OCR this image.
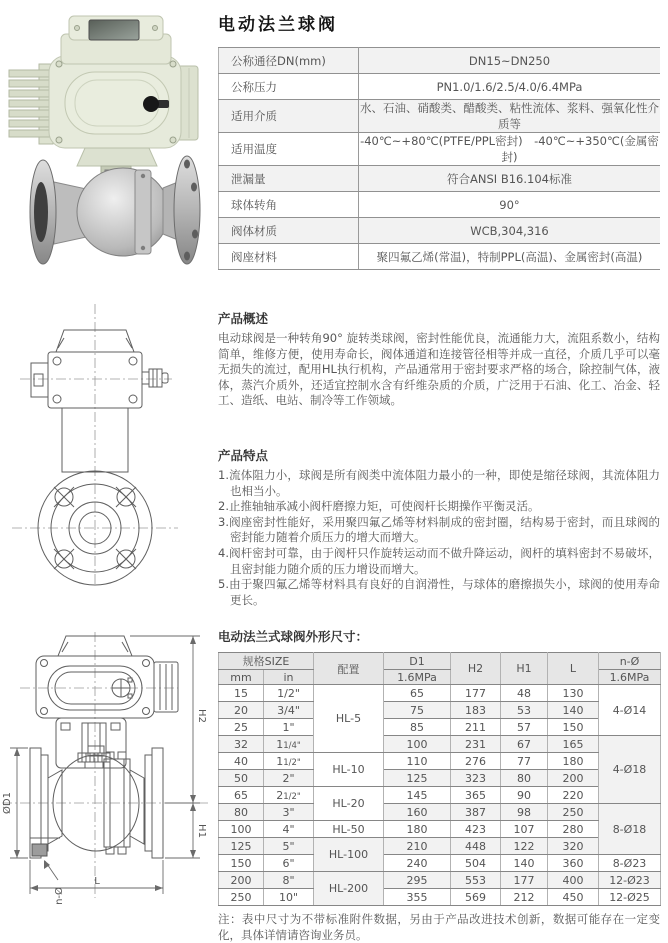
H2
H1
ØD1
n-Ø
L
电动法兰球阀
公称通径DN(mm)	DN15~DN250
公称压力	PN1.0/1.6/2.5/4.0/6.4MPa
适用介质	水、石油、硝酸类、醋酸类、粘性流体、浆料、强氧化性介质等
适用温度	-40℃~+80℃(PTFE/PPL密封)　-40℃~+350℃(金属密封)
泄漏量	符合ANSI B16.104标准
球体转角	90°
阀体材质	WCB,304,316
阀座材料	聚四氟乙烯(常温)，特制PPL(高温)、金属密封(高温)
产品概述

电动球阀是一种转角90° 旋转类球阀，密封性能优良，流通能力大，流阻系数小，结构简单，维修方便，使用寿命长，阀体通道和连接管径相等并成一直径，介质几乎可以毫无损失的流过，配用HL执行机构，产品通常用于密封要求严格的场合，除控制气体，液体，蒸汽介质外，还适宜控制水含有纤维杂质的介质，广泛用于石油、化工、冶金、轻工、造纸、电站、制冷等工作领域。

产品特点
1.流体阻力小，球阀是所有阀类中流体阻力最小的一种，即使是缩径球阀，其流体阻力也相当小。
2.止推轴轴承减小阀杆磨擦力矩，可使阀杆长期操作平衡灵活。
3.阀座密封性能好，采用聚四氟乙烯等材料制成的密封圈，结构易于密封，而且球阀的密封能力随着介质压力的增大而增大。
4.阀杆密封可靠，由于阀杆只作旋转运动而不做升降运动，阀杆的填料密封不易破坏，且密封能力随介质的压力增设而增大。
5.由于聚四氟乙烯等材料具有良好的自润滑性，与球体的磨擦损失小，球阀的使用寿命更长。
电动法兰式球阀外形尺寸：
规格SIZE		配置	D1	H2	H1	L	n-Ø
mm	in		1.6MPa				1.6MPa
15	1/2"	HL-5	65	177	48	130	4-Ø14
20	3/4"		75	183	53	140	
25	1"		85	211	57	150	
32	11/4"		100	231	67	165	4-Ø18
40	11/2"	HL-10	110	276	77	180	
50	2"		125	323	80	200	
65	21/2"	HL-20	145	365	90	220	
80	3"		160	387	98	250	8-Ø18
100	4"	HL-50	180	423	107	280	
125	5"	HL-100	210	448	122	320	
150	6"		240	504	140	360	8-Ø23
200	8"	HL-200	295	553	177	400	12-Ø23
250	10"		355	569	212	450	12-Ø25

注：表中尺寸为不带标准附件数据，另由于产品改进技术创新，数据可能存在一定变化，具体详情请咨询业务员。
